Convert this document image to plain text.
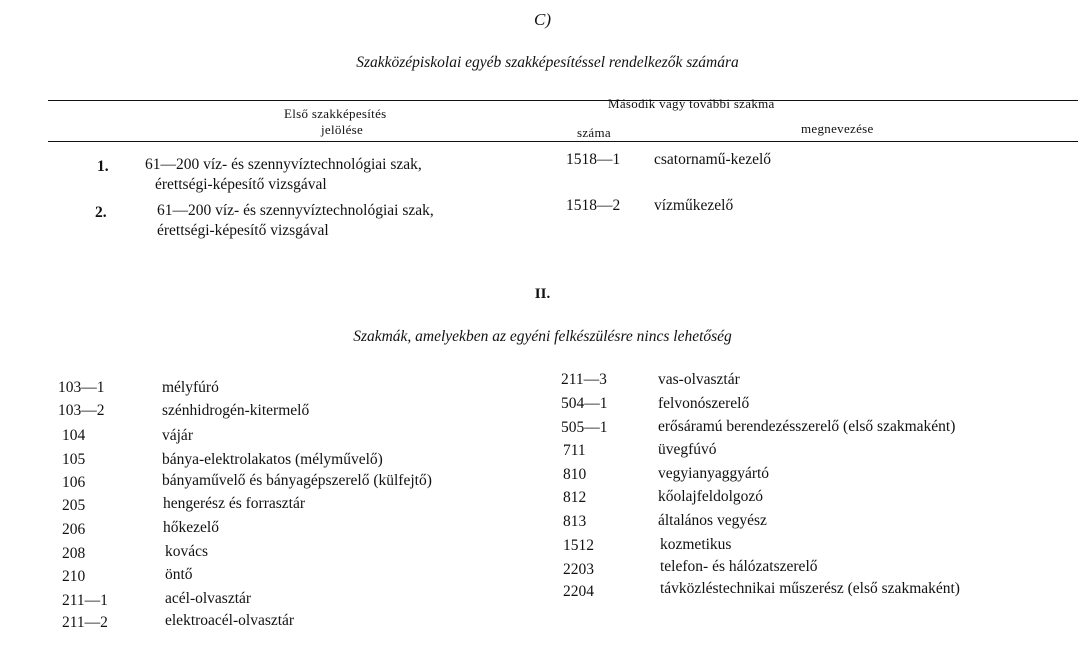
C)
Szakközépiskolai egyéb szakképesítéssel rendelkezők számára
Első szakképesítés
jelölése
Második vagy további szakma
száma	megnevezése
1. 61—200 víz- és szennyvíztechnológiai szak,
érettségi-képesítő vizsgával
1518—1 csatornamű-kezelő
2.	61—200 víz- és szennyvíztechnológiai szak,
érettségi-képesítő vizsgával
1518—2 vízműkezelő
II.
Szakmák, amelyekben az egyéni felkészülésre nincs lehetőség
103—1	mélyfúró
103—2	szénhidrogén-kitermelő
104	vájár
105	bánya-elektrolakatos (mélyművelő)
106	bányaművelő és bányagépszerelő (külfejtő)
205	hengerész és forrasztár
206	hőkezelő
208	kovács
210	öntő
211—1	acél-olvasztár
211—2	elektroacél-olvasztár
211—3	vas-olvasztár
504—1	felvonószerelő
505—1	erősáramú berendezésszerelő (első szakmaként)
711	üvegfúvó
810	vegyianyaggyártó
812	kőolajfeldolgozó
813	általános vegyész
1512	kozmetikus
2203	telefon- és hálózatszerelő
2204	távközléstechnikai műszerész (első szakmaként)
